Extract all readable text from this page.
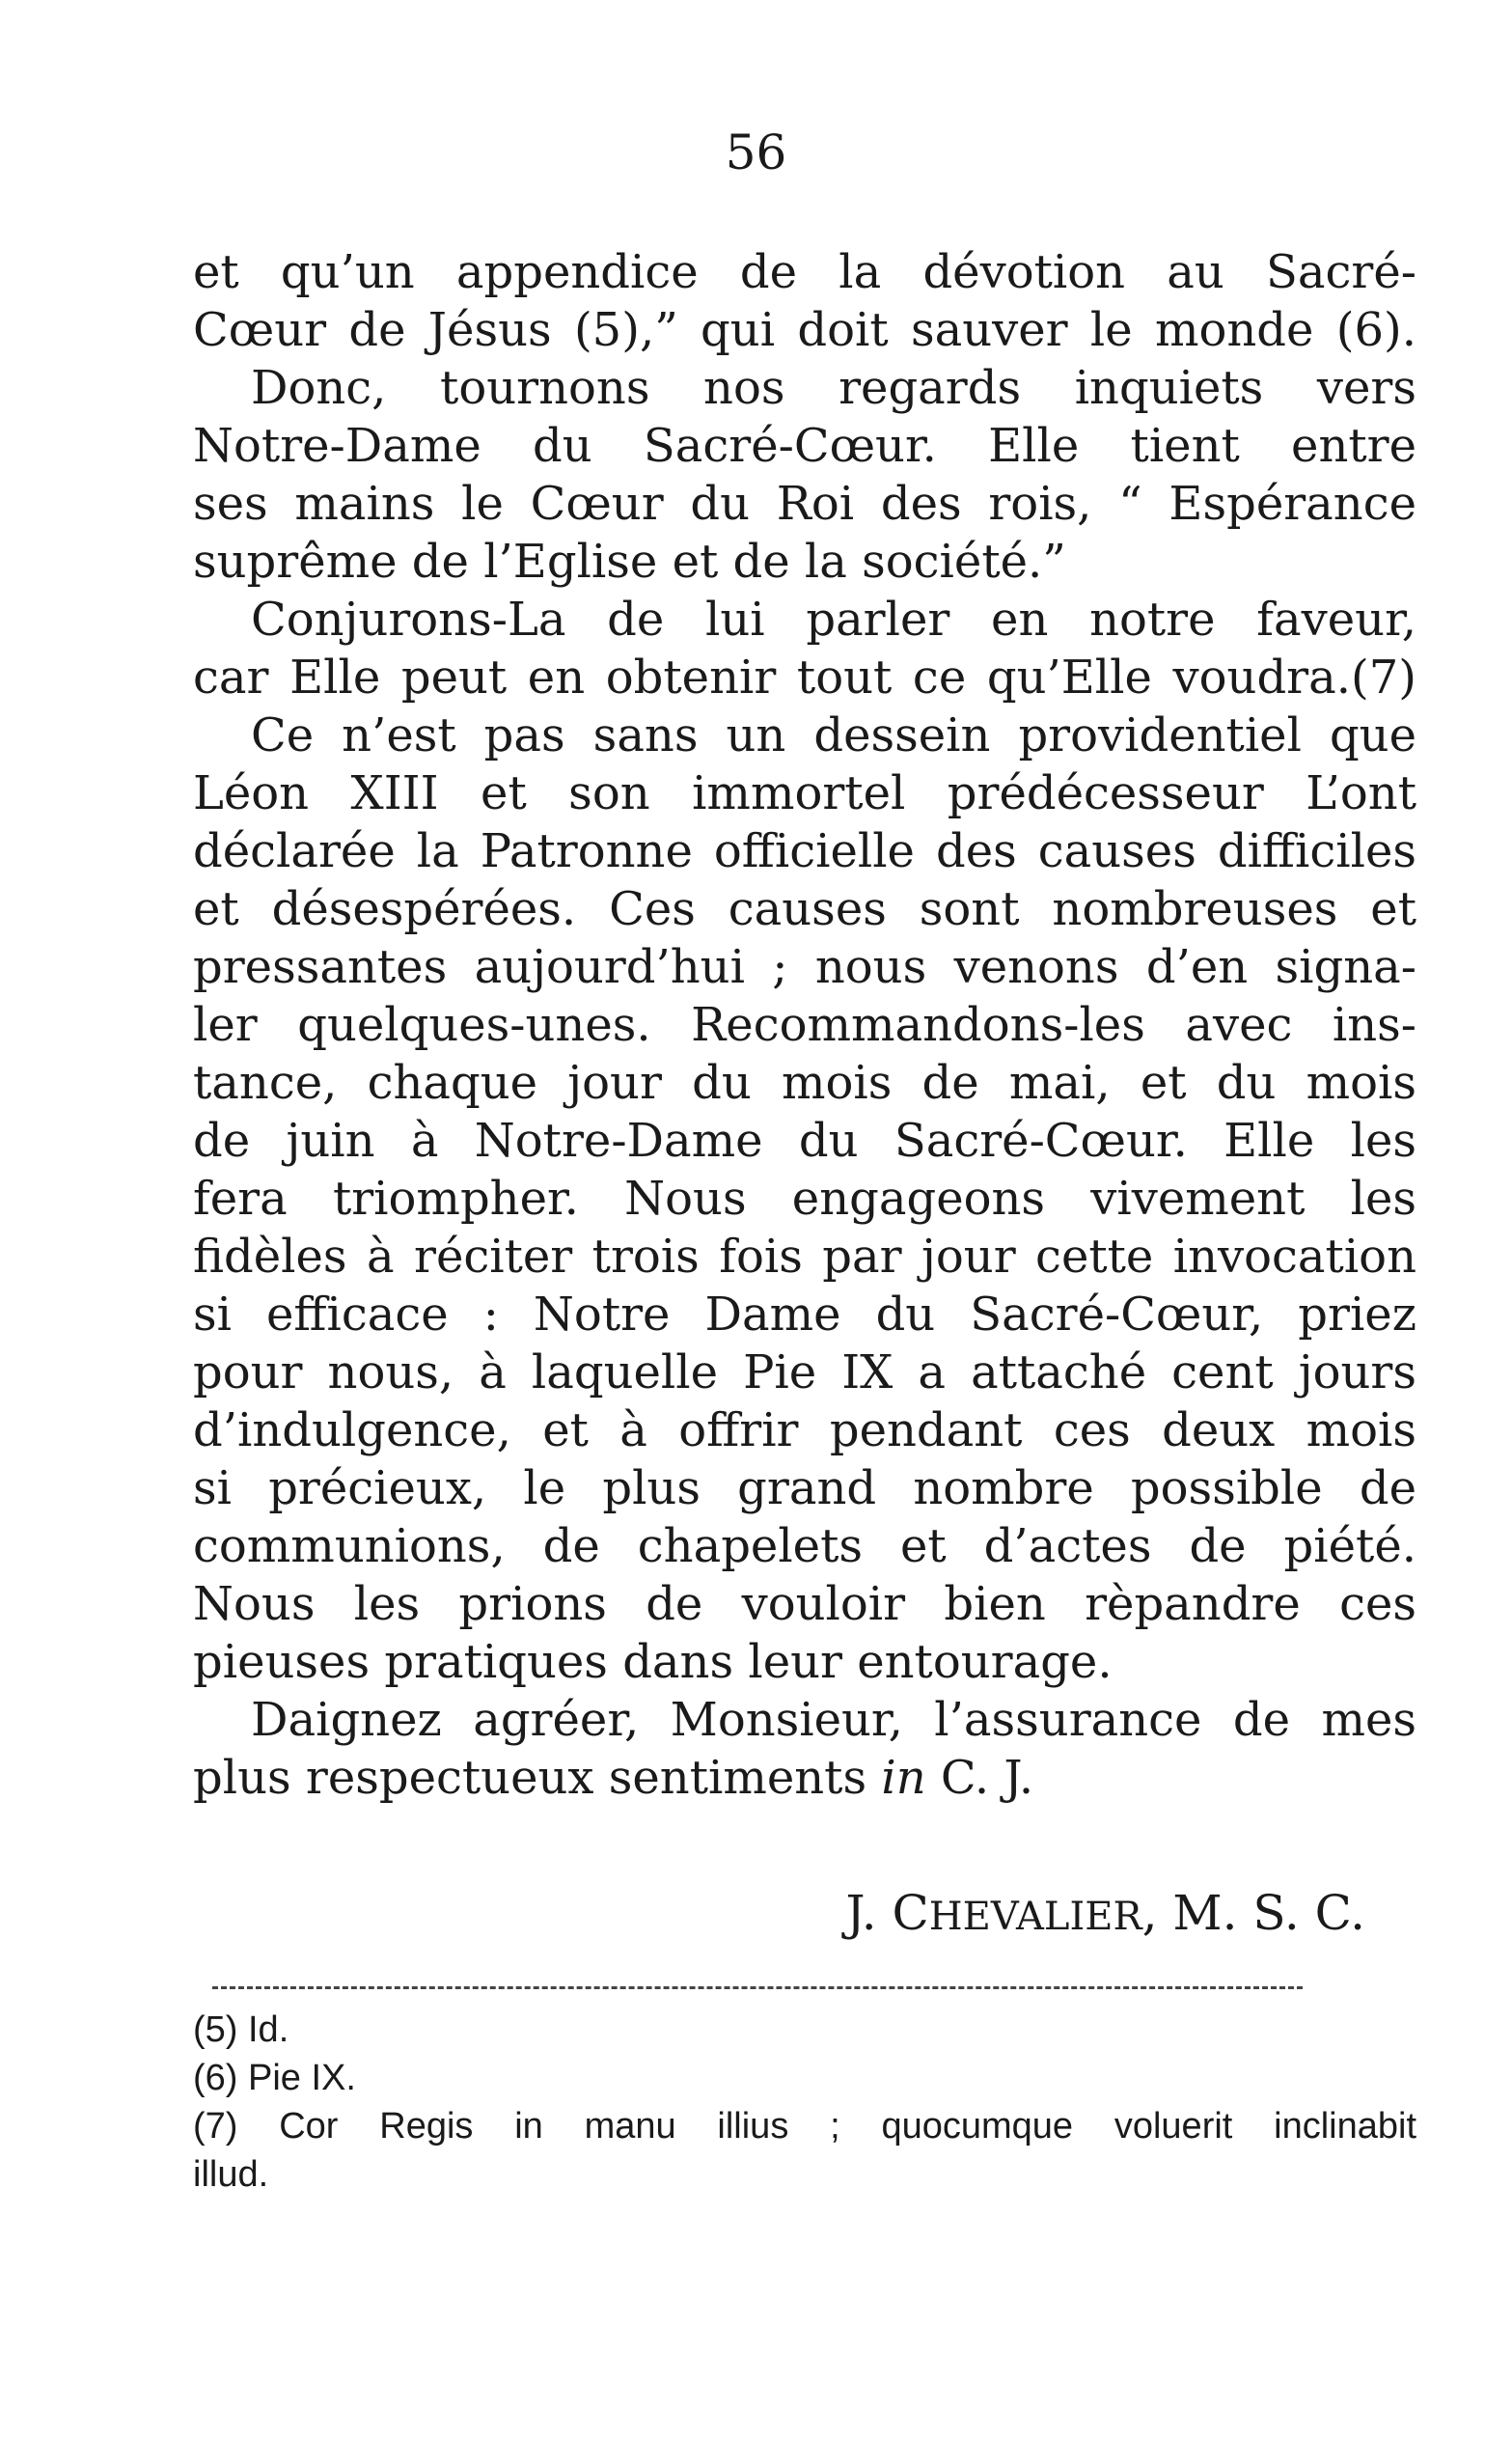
56
et qu’un appendice de la dévotion au Sacré-
Cœur de Jésus (5),” qui doit sauver le monde (6).
Donc, tournons nos regards inquiets vers
Notre-Dame du Sacré-Cœur. Elle tient entre
ses mains le Cœur du Roi des rois, “ Espérance
suprême de l’Eglise et de la société.”
Conjurons-La de lui parler en notre faveur,
car Elle peut en obtenir tout ce qu’Elle voudra.(7)
Ce n’est pas sans un dessein providentiel que
Léon XIII et son immortel prédécesseur L’ont
déclarée la Patronne officielle des causes difficiles
et désespérées. Ces causes sont nombreuses et
pressantes aujourd’hui ; nous venons d’en signa-
ler quelques-unes. Recommandons-les avec ins-
tance, chaque jour du mois de mai, et du mois
de juin à Notre-Dame du Sacré-Cœur. Elle les
fera triompher. Nous engageons vivement les
fidèles à réciter trois fois par jour cette invocation
si efficace : Notre Dame du Sacré-Cœur, priez
pour nous, à laquelle Pie IX a attaché cent jours
d’indulgence, et à offrir pendant ces deux mois
si précieux, le plus grand nombre possible de
communions, de chapelets et d’actes de piété.
Nous les prions de vouloir bien rèpandre ces
pieuses pratiques dans leur entourage.
Daignez agréer, Monsieur, l’assurance de mes
plus respectueux sentiments in C. J.
J. CHEVALIER, M. S. C.
(5) Id.
(6) Pie IX.
(7) Cor Regis in manu illius ; quocumque voluerit inclinabit
illud.
